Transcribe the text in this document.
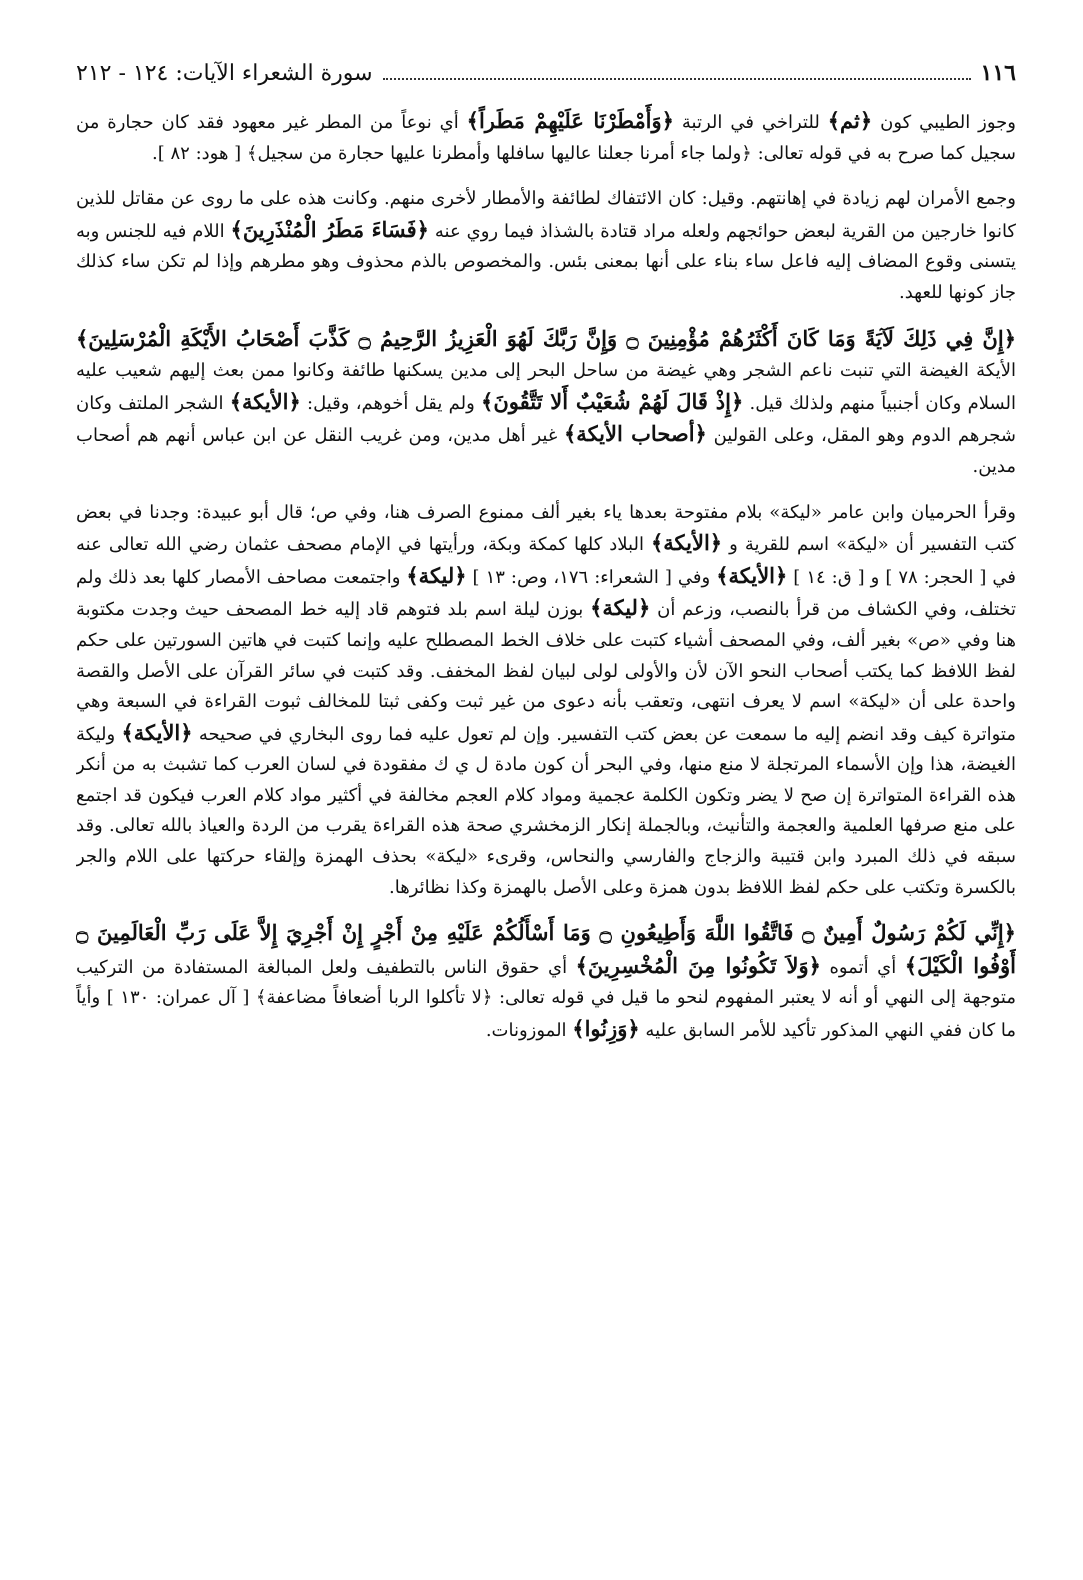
١١٦
سورة الشعراء الآيات: ١٢٤ - ٢١٢

وجوز الطيبي كون ﴿ثم﴾ للتراخي في الرتبة ﴿وَأَمْطَرْنَا عَلَيْهِمْ مَطَراً﴾ أي نوعاً من المطر غير معهود فقد كان حجارة من سجيل كما صرح به في قوله تعالى: ﴿ولما جاء أمرنا جعلنا عاليها سافلها وأمطرنا عليها حجارة من سجيل﴾ [ هود: ٨٢ ].

وجمع الأمران لهم زيادة في إهانتهم. وقيل: كان الائتفاك لطائفة والأمطار لأخرى منهم. وكانت هذه على ما روى عن مقاتل للذين كانوا خارجين من القرية لبعض حوائجهم ولعله مراد قتادة بالشذاذ فيما روي عنه ﴿فَسَاءَ مَطَرُ الْمُنْذَرِينَ﴾ اللام فيه للجنس وبه يتسنى وقوع المضاف إليه فاعل ساء بناء على أنها بمعنى بئس. والمخصوص بالذم محذوف وهو مطرهم وإذا لم تكن ساء كذلك جاز كونها للعهد.

﴿إِنَّ فِي ذَلِكَ لَآيَةً وَمَا كَانَ أَكْثَرُهُمْ مُؤْمِنِينَ ۝ وَإِنَّ رَبَّكَ لَهُوَ الْعَزِيزُ الرَّحِيمُ ۝ كَذَّبَ أَصْحَابُ الأَيْكَةِ الْمُرْسَلِينَ﴾ الأيكة الغيضة التي تنبت ناعم الشجر وهي غيضة من ساحل البحر إلى مدين يسكنها طائفة وكانوا ممن بعث إليهم شعيب عليه السلام وكان أجنبياً منهم ولذلك قيل. ﴿إِذْ قَالَ لَهُمْ شُعَيْبٌ أَلا تَتَّقُونَ﴾ ولم يقل أخوهم، وقيل: ﴿الأيكة﴾ الشجر الملتف وكان شجرهم الدوم وهو المقل، وعلى القولين ﴿أصحاب الأيكة﴾ غير أهل مدين، ومن غريب النقل عن ابن عباس أنهم هم أصحاب مدين.

وقرأ الحرميان وابن عامر «ليكة» بلام مفتوحة بعدها ياء بغير ألف ممنوع الصرف هنا، وفي ص؛ قال أبو عبيدة: وجدنا في بعض كتب التفسير أن «ليكة» اسم للقرية و ﴿الأيكة﴾ البلاد كلها كمكة وبكة، ورأيتها في الإمام مصحف عثمان رضي الله تعالى عنه في [ الحجر: ٧٨ ] و [ ق: ١٤ ] ﴿الأيكة﴾ وفي [ الشعراء: ١٧٦، وص: ١٣ ] ﴿ليكة﴾ واجتمعت مصاحف الأمصار كلها بعد ذلك ولم تختلف، وفي الكشاف من قرأ بالنصب، وزعم أن ﴿ليكة﴾ بوزن ليلة اسم بلد فتوهم قاد إليه خط المصحف حيث وجدت مكتوبة هنا وفي «ص» بغير ألف، وفي المصحف أشياء كتبت على خلاف الخط المصطلح عليه وإنما كتبت في هاتين السورتين على حكم لفظ اللافظ كما يكتب أصحاب النحو الآن لأن والأولى لولى لبيان لفظ المخفف. وقد كتبت في سائر القرآن على الأصل والقصة واحدة على أن «ليكة» اسم لا يعرف انتهى، وتعقب بأنه دعوى من غير ثبت وكفى ثبتا للمخالف ثبوت القراءة في السبعة وهي متواترة كيف وقد انضم إليه ما سمعت عن بعض كتب التفسير. وإن لم تعول عليه فما روى البخاري في صحيحه ﴿الأيكة﴾ وليكة الغيضة، هذا وإن الأسماء المرتجلة لا منع منها، وفي البحر أن كون مادة ل ي ك مفقودة في لسان العرب كما تشبث به من أنكر هذه القراءة المتواترة إن صح لا يضر وتكون الكلمة عجمية ومواد كلام العجم مخالفة في أكثير مواد كلام العرب فيكون قد اجتمع على منع صرفها العلمية والعجمة والتأنيث، وبالجملة إنكار الزمخشري صحة هذه القراءة يقرب من الردة والعياذ بالله تعالى. وقد سبقه في ذلك المبرد وابن قتيبة والزجاج والفارسي والنحاس، وقرىء «ليكة» بحذف الهمزة وإلقاء حركتها على اللام والجر بالكسرة وتكتب على حكم لفظ اللافظ بدون همزة وعلى الأصل بالهمزة وكذا نظائرها.

﴿إِنِّي لَكُمْ رَسُولٌ أَمِينٌ ۝ فَاتَّقُوا اللَّهَ وَأَطِيعُونِ ۝ وَمَا أَسْأَلُكُمْ عَلَيْهِ مِنْ أَجْرٍ إِنْ أَجْرِيَ إِلاَّ عَلَى رَبِّ الْعَالَمِينَ ۝ أَوْفُوا الْكَيْلَ﴾ أي أتموه ﴿وَلاَ تَكُونُوا مِنَ الْمُخْسِرِينَ﴾ أي حقوق الناس بالتطفيف ولعل المبالغة المستفادة من التركيب متوجهة إلى النهي أو أنه لا يعتبر المفهوم لنحو ما قيل في قوله تعالى: ﴿لا تأكلوا الربا أضعافاً مضاعفة﴾ [ آل عمران: ١٣٠ ] وأياً ما كان ففي النهي المذكور تأكيد للأمر السابق عليه ﴿وَزِنُوا﴾ الموزونات.
